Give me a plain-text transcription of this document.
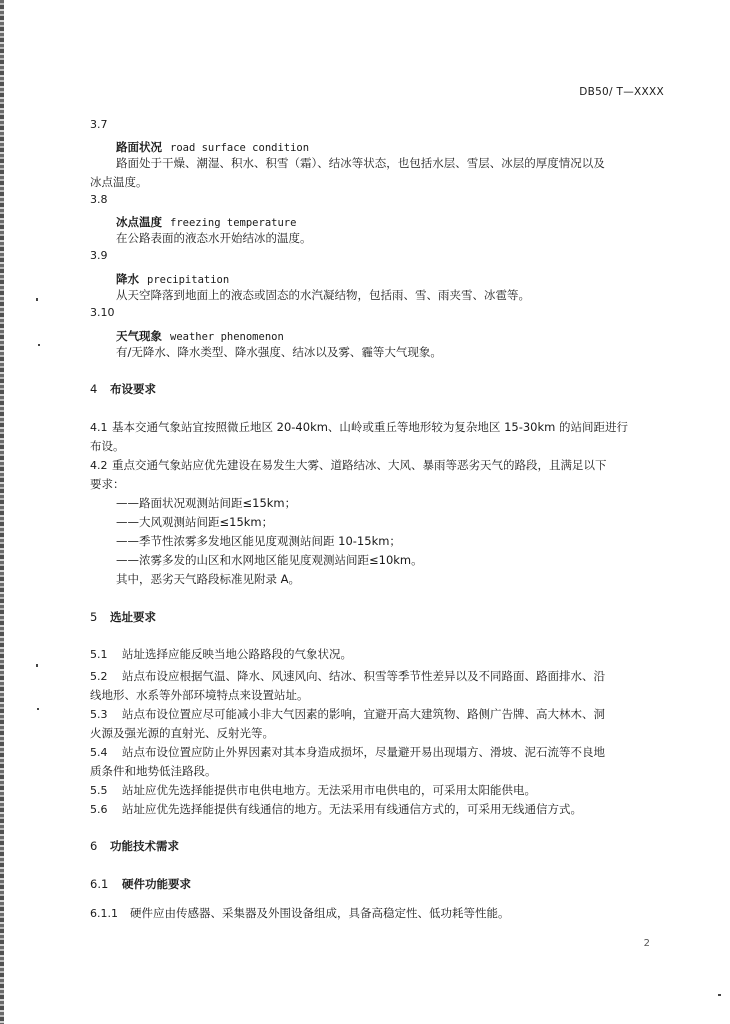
DB50/ T—XXXX
3.7
路面状况 road surface condition
路面处于干燥、潮湿、积水、积雪（霜）、结冰等状态，也包括水层、雪层、冰层的厚度情况以及
冰点温度。
3.8
冰点温度 freezing temperature
在公路表面的液态水开始结冰的温度。
3.9
降水 precipitation
从天空降落到地面上的液态或固态的水汽凝结物，包括雨、雪、雨夹雪、冰雹等。
3.10
天气现象 weather phenomenon
有/无降水、降水类型、降水强度、结冰以及雾、霾等大气现象。
4 布设要求
4.1 基本交通气象站宜按照微丘地区 20-40km、山岭或重丘等地形较为复杂地区 15-30km 的站间距进行
布设。
4.2 重点交通气象站应优先建设在易发生大雾、道路结冰、大风、暴雨等恶劣天气的路段，且满足以下
要求：
——路面状况观测站间距≤15km；
——大风观测站间距≤15km；
——季节性浓雾多发地区能见度观测站间距 10-15km；
——浓雾多发的山区和水网地区能见度观测站间距≤10km。
其中，恶劣天气路段标准见附录 A。
5 选址要求
5.1 站址选择应能反映当地公路路段的气象状况。
5.2 站点布设应根据气温、降水、风速风向、结冰、积雪等季节性差异以及不同路面、路面排水、沿
线地形、水系等外部环境特点来设置站址。
5.3 站点布设位置应尽可能减小非大气因素的影响，宜避开高大建筑物、路侧广告牌、高大林木、洞
火源及强光源的直射光、反射光等。
5.4 站点布设位置应防止外界因素对其本身造成损坏，尽量避开易出现塌方、滑坡、泥石流等不良地
质条件和地势低洼路段。
5.5 站址应优先选择能提供市电供电地方。无法采用市电供电的，可采用太阳能供电。
5.6 站址应优先选择能提供有线通信的地方。无法采用有线通信方式的，可采用无线通信方式。
6 功能技术需求
6.1 硬件功能要求
6.1.1 硬件应由传感器、采集器及外围设备组成，具备高稳定性、低功耗等性能。
2
